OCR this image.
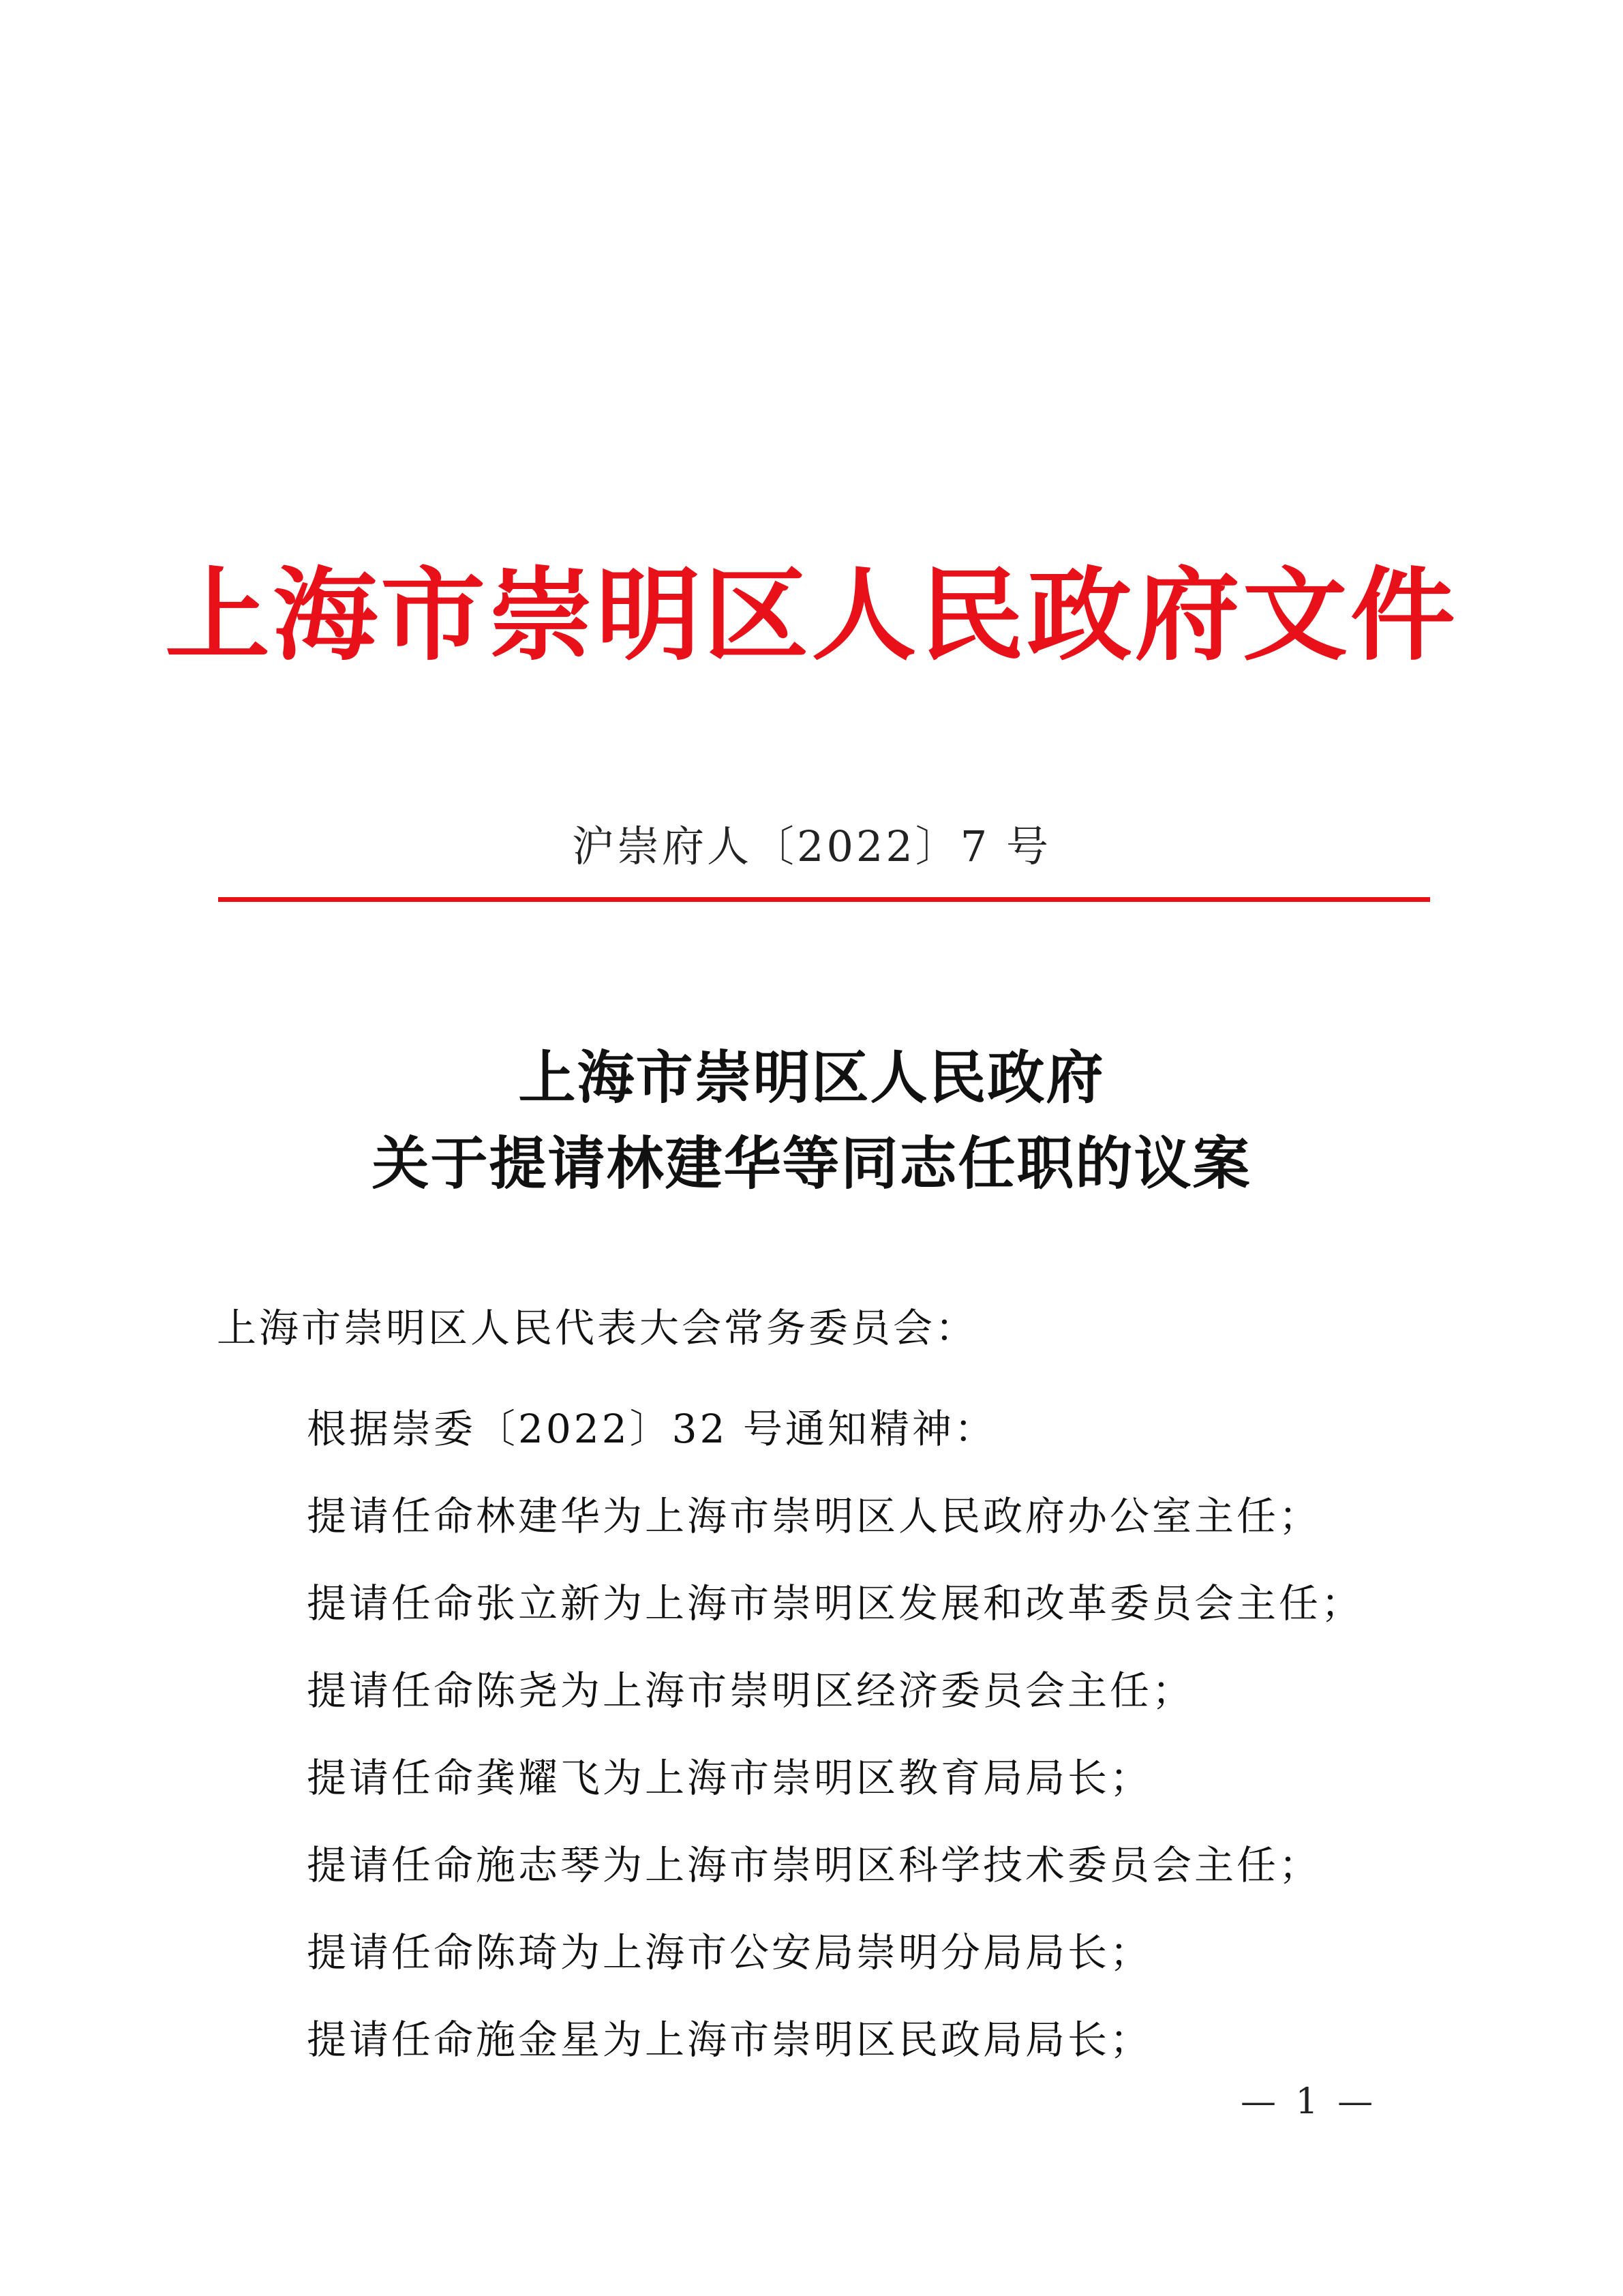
上海市崇明区人民政府文件
沪崇府人〔2022〕7 号
上海市崇明区人民政府
关于提请林建华等同志任职的议案
上海市崇明区人民代表大会常务委员会：
根据崇委〔2022〕32 号通知精神：
提请任命林建华为上海市崇明区人民政府办公室主任；
提请任命张立新为上海市崇明区发展和改革委员会主任；
提请任命陈尧为上海市崇明区经济委员会主任；
提请任命龚耀飞为上海市崇明区教育局局长；
提请任命施志琴为上海市崇明区科学技术委员会主任；
提请任命陈琦为上海市公安局崇明分局局长；
提请任命施金星为上海市崇明区民政局局长；
— 1 —
